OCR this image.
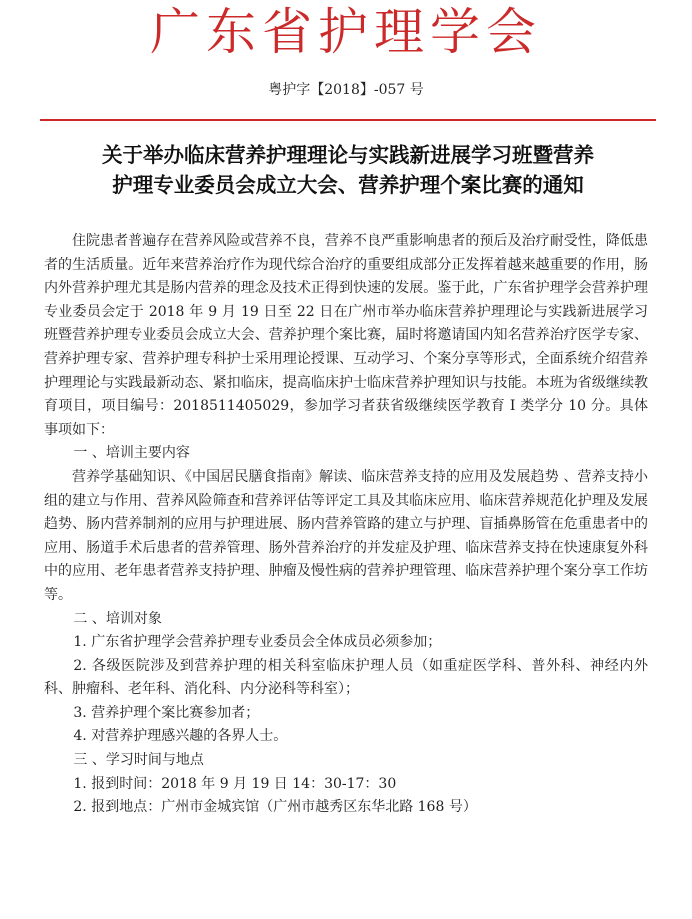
广东省护理学会
粤护字【2018】-057 号
关于举办临床营养护理理论与实践新进展学习班暨营养
护理专业委员会成立大会、营养护理个案比赛的通知

住院患者普遍存在营养风险或营养不良，营养不良严重影响患者的预后及治疗耐受性，降低患者的生活质量。近年来营养治疗作为现代综合治疗的重要组成部分正发挥着越来越重要的作用，肠内外营养护理尤其是肠内营养的理念及技术正得到快速的发展。鉴于此，广东省护理学会营养护理专业委员会定于 2018 年 9 月 19 日至 22 日在广州市举办临床营养护理理论与实践新进展学习班暨营养护理专业委员会成立大会、营养护理个案比赛，届时将邀请国内知名营养治疗医学专家、营养护理专家、营养护理专科护士采用理论授课、互动学习、个案分享等形式，全面系统介绍营养护理理论与实践最新动态、紧扣临床，提高临床护士临床营养护理知识与技能。本班为省级继续教育项目，项目编号：2018511405029，参加学习者获省级继续医学教育 I 类学分 10 分。具体事项如下：

一 、培训主要内容

营养学基础知识、《中国居民膳食指南》解读、临床营养支持的应用及发展趋势 、营养支持小组的建立与作用、营养风险筛查和营养评估等评定工具及其临床应用、临床营养规范化护理及发展趋势、肠内营养制剂的应用与护理进展、肠内营养管路的建立与护理、盲插鼻肠管在危重患者中的应用、肠道手术后患者的营养管理、肠外营养治疗的并发症及护理、临床营养支持在快速康复外科中的应用、老年患者营养支持护理、肿瘤及慢性病的营养护理管理、临床营养护理个案分享工作坊等。

二 、培训对象

1. 广东省护理学会营养护理专业委员会全体成员必须参加；

2. 各级医院涉及到营养护理的相关科室临床护理人员（如重症医学科、普外科、神经内外科、肿瘤科、老年科、消化科、内分泌科等科室）；

3. 营养护理个案比赛参加者；

4. 对营养护理感兴趣的各界人士。

三 、学习时间与地点

1. 报到时间：2018 年 9 月 19 日 14：30-17：30

2. 报到地点：广州市金城宾馆（广州市越秀区东华北路 168 号）
